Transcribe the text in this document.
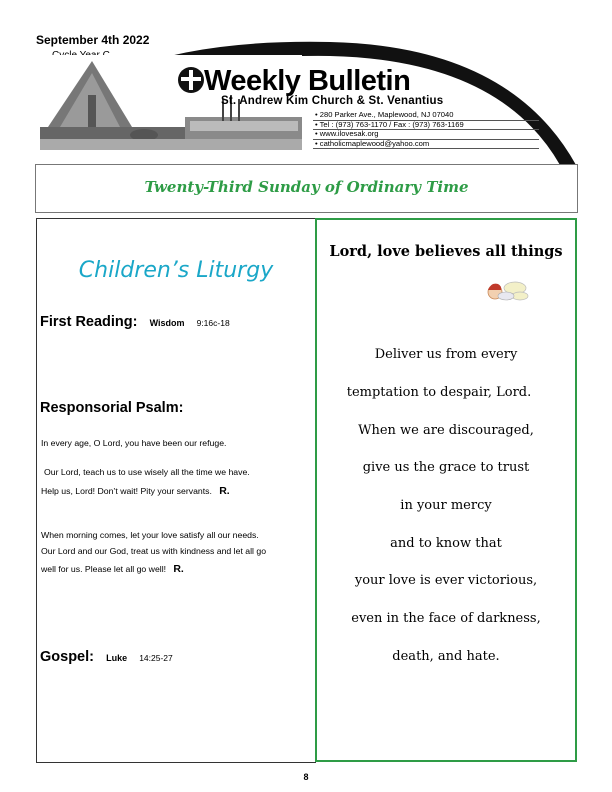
September 4th 2022
Weekly Bulletin
St. Andrew Kim Church & St. Venantius
• 280 Parker Ave., Maplewood, NJ 07040
• Tel : (973) 763-1170 / Fax : (973) 763-1169
• www.ilovesak.org
• catholicmaplewood@yahoo.com
Twenty-Third Sunday of Ordinary Time
Children’s Liturgy
First Reading: Wisdom 9:16c-18
Responsorial Psalm:
In every age, O Lord, you have been our refuge.
Our Lord, teach us to use wisely all the time we have.
Help us, Lord! Don’t wait! Pity your servants. R.
When morning comes, let your love satisfy all our needs.
Our Lord and our God, treat us with kindness and let all go
well for us. Please let all go well! R.
Gospel: Luke 14:25-27
Lord, love believes all things
Deliver us from every
temptation to despair, Lord.
When we are discouraged,
give us the grace to trust
in your mercy
and to know that
your love is ever victorious,
even in the face of darkness,
death, and hate.
8
